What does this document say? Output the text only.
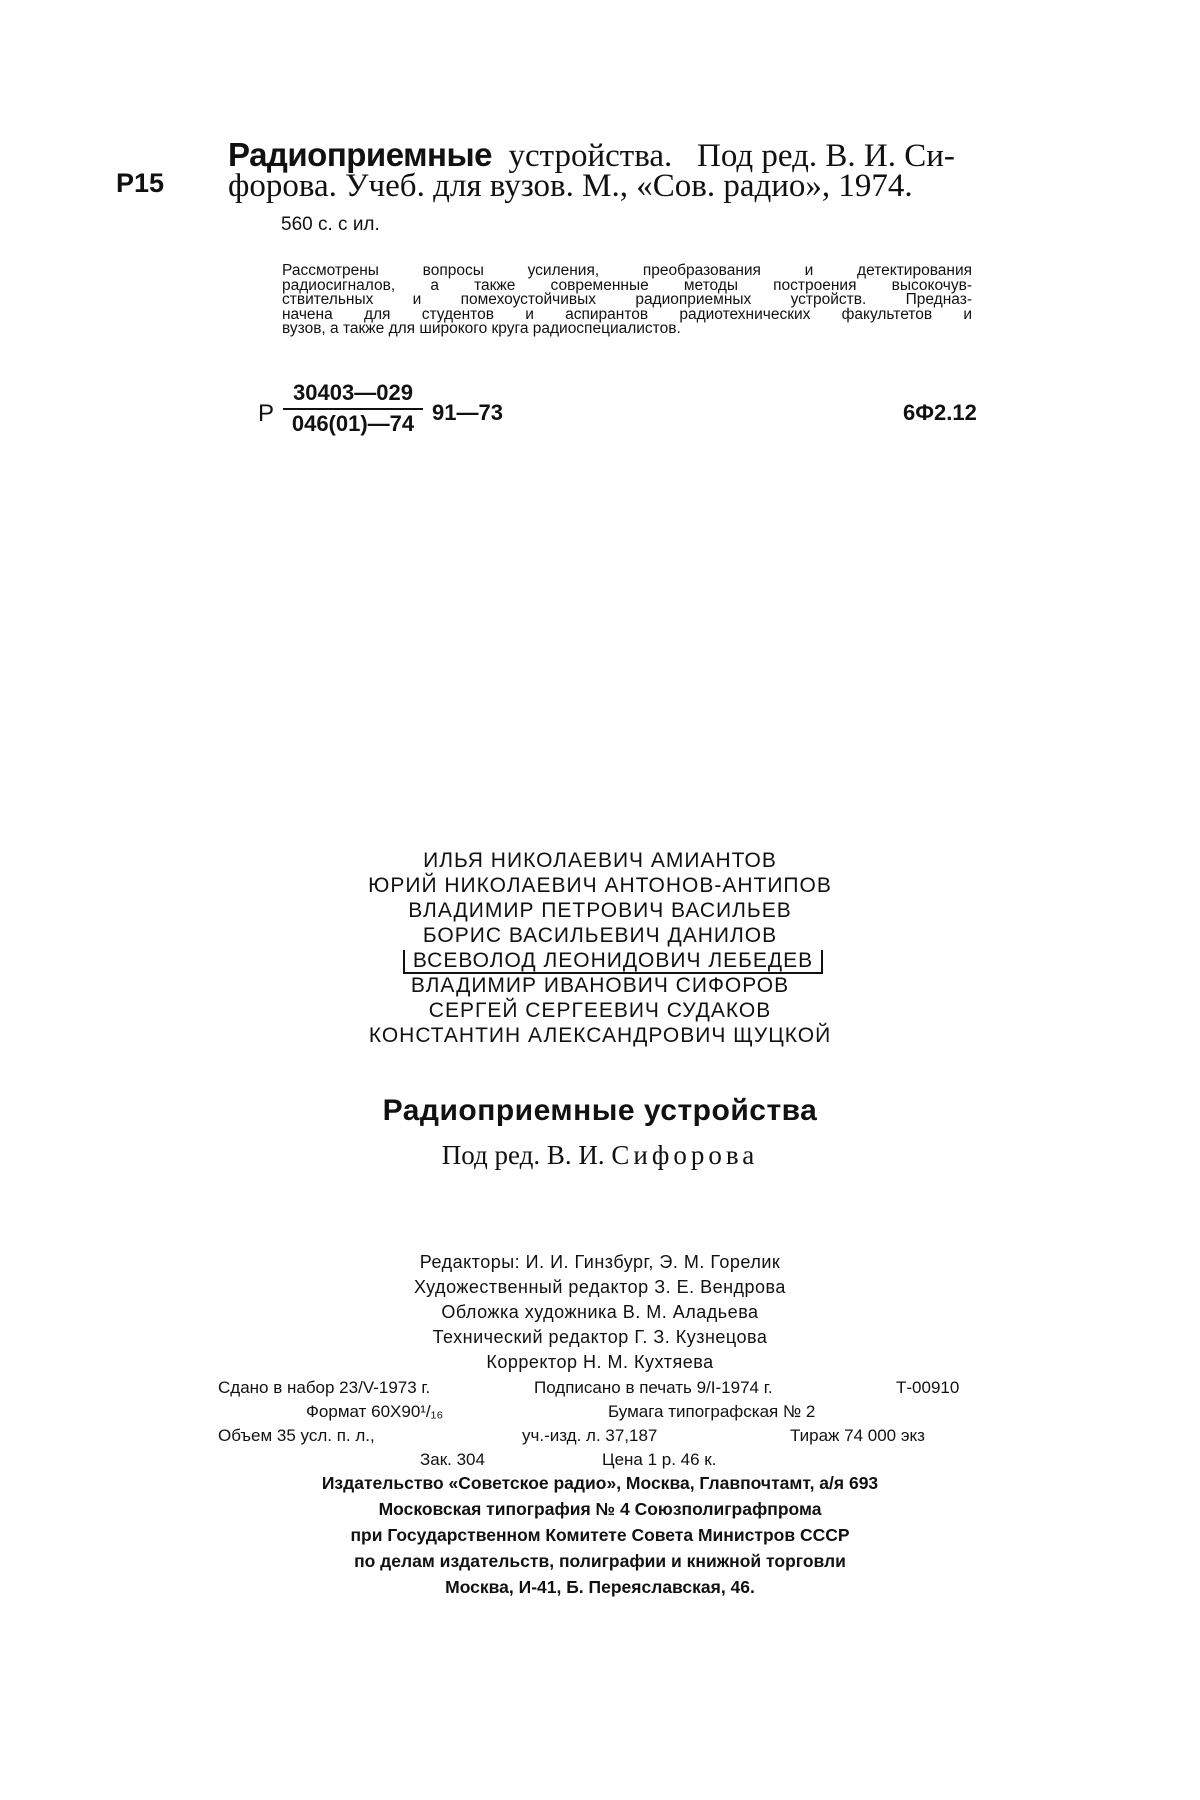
Р15
Радиоприемные  устройства.   Под ред. В. И. Си-
форова. Учеб. для вузов. М., «Сов. радио», 1974.
560 с. с ил.
Рассмотрены вопросы усиления, преобразования и детектирования
радиосигналов, а также современные методы построения высокочув-
ствительных и помехоустойчивых радиоприемных устройств. Предназ-
начена для студентов и аспирантов радиотехнических факультетов и
вузов, а также для широкого круга радиоспециалистов.
Р
30403—029
046(01)—74 91—73	6Ф2.12
ИЛЬЯ НИКОЛАЕВИЧ АМИАНТОВ
ЮРИЙ НИКОЛАЕВИЧ АНТОНОВ-АНТИПОВ
ВЛАДИМИР ПЕТРОВИЧ ВАСИЛЬЕВ
БОРИС ВАСИЛЬЕВИЧ ДАНИЛОВ
ВСЕВОЛОД ЛЕОНИДОВИЧ ЛЕБЕДЕВ
ВЛАДИМИР ИВАНОВИЧ СИФОРОВ
СЕРГЕЙ СЕРГЕЕВИЧ СУДАКОВ
КОНСТАНТИН АЛЕКСАНДРОВИЧ ЩУЦКОЙ
Радиоприемные устройства
Под ред. В. И. Сифорова
Редакторы: И. И. Гинзбург, Э. М. Горелик
Художественный редактор З. Е. Вендрова
Обложка художника В. М. Аладьева
Технический редактор Г. З. Кузнецова
Корректор Н. М. Кухтяева
Сдано в набор 23/V-1973 г.	Подписано в печать 9/I-1974 г.	Т-00910
Формат 60X90¹/₁₆	Бумага типографская № 2
Объем 35 усл. п. л.,	уч.-изд. л. 37,187	Тираж 74 000 экз
Зак. 304	Цена 1 р. 46 к.
Издательство «Советское радио», Москва, Главпочтамт, а/я 693
Московская типография № 4 Союзполиграфпрома
при Государственном Комитете Совета Министров СССР
по делам издательств, полиграфии и книжной торговли
Москва, И-41, Б. Переяславская, 46.
